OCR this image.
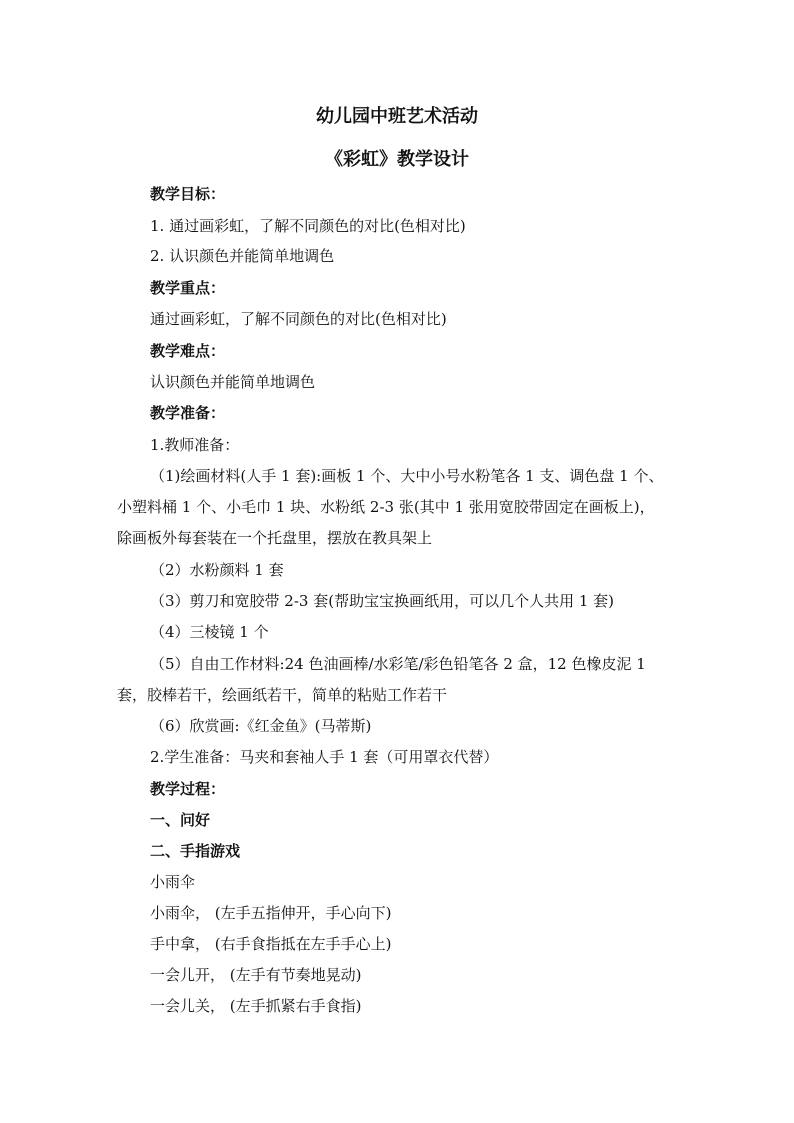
幼儿园中班艺术活动
《彩虹》教学设计
教学目标：
1. 通过画彩虹，了解不同颜色的对比(色相对比)
2. 认识颜色并能简单地调色
教学重点：
通过画彩虹，了解不同颜色的对比(色相对比)
教学难点：
认识颜色并能简单地调色
教学准备：
1.教师准备：
（1)绘画材料(人手 1 套):画板 1 个、大中小号水粉笔各 1 支、调色盘 1 个、
小塑料桶 1 个、小毛巾 1 块、水粉纸 2-3 张(其中 1 张用宽胶带固定在画板上)，
除画板外每套装在一个托盘里，摆放在教具架上
（2）水粉颜料 1 套
（3）剪刀和宽胶带 2-3 套(帮助宝宝换画纸用，可以几个人共用 1 套)
（4）三棱镜 1 个
（5）自由工作材料:24 色油画棒/水彩笔/彩色铅笔各 2 盒，12 色橡皮泥 1
套，胶棒若干，绘画纸若干，简单的粘贴工作若干
（6）欣赏画:《红金鱼》(马蒂斯)
2.学生准备：马夹和套袖人手 1 套（可用罩衣代替）
教学过程：
一、问好
二、手指游戏
小雨伞
小雨伞， (左手五指伸开，手心向下)
手中拿， (右手食指抵在左手手心上)
一会儿开， (左手有节奏地晃动)
一会儿关， (左手抓紧右手食指)
